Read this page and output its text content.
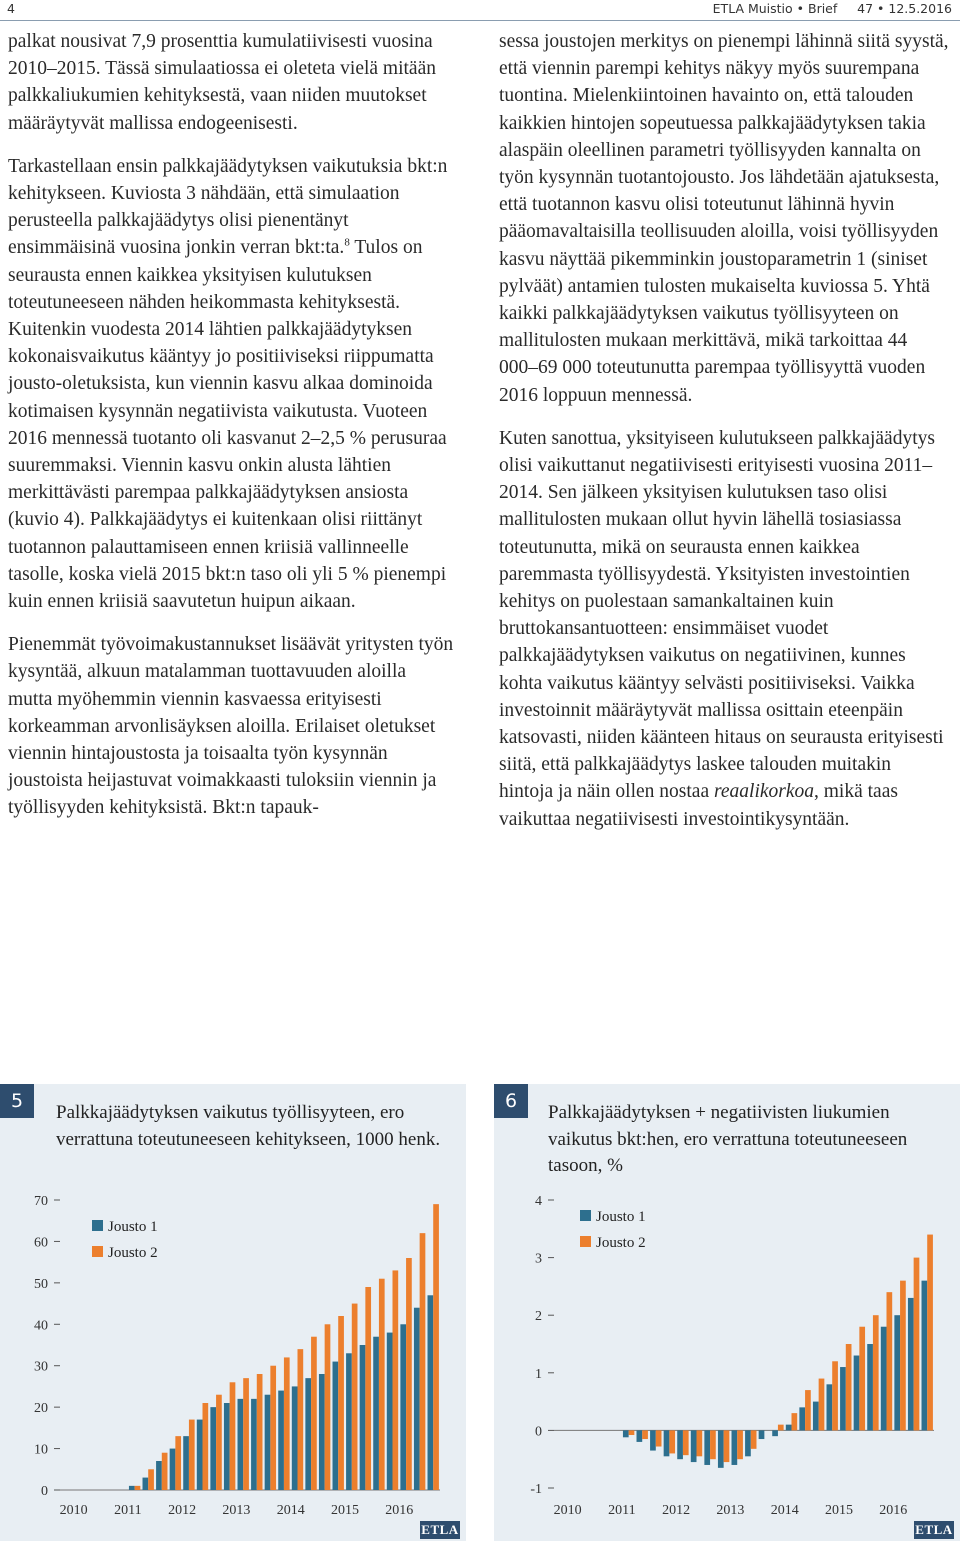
4	ETLA Muistio • Brief 47 • 12.5.2016

palkat nousivat 7,9 prosenttia kumulatiivisesti vuosina 2010–2015. Tässä simulaatiossa ei oleteta vielä mitään palkkaliukumien kehityksestä, vaan niiden muutokset määräytyvät mallissa endogeenisesti.

Tarkastellaan ensin palkkajäädytyksen vaikutuksia bkt:n kehitykseen. Kuviosta 3 nähdään, että simulaation perusteella palkkajäädytys olisi pienentänyt ensimmäisinä vuosina jonkin verran bkt:ta.$^8$ Tulos on seurausta ennen kaikkea yksityisen kulutuksen toteutuneeseen nähden heikommasta kehityksestä. Kuitenkin vuodesta 2014 lähtien palkkajäädytyksen kokonaisvaikutus kääntyy jo positiiviseksi riippumatta jousto-oletuksista, kun viennin kasvu alkaa dominoida kotimaisen kysynnän negatiivista vaikutusta. Vuoteen 2016 mennessä tuotanto oli kasvanut 2–2,5 % perusuraa suuremmaksi. Viennin kasvu onkin alusta lähtien merkittävästi parempaa palkkajäädytyksen ansiosta (kuvio 4). Palkkajäädytys ei kuitenkaan olisi riittänyt tuotannon palauttamiseen ennen kriisiä vallinneelle tasolle, koska vielä 2015 bkt:n taso oli yli 5 % pienempi kuin ennen kriisiä saavutetun huipun aikaan.

Pienemmät työvoimakustannukset lisäävät yritysten työn kysyntää, alkuun matalamman tuottavuuden aloilla mutta myöhemmin viennin kasvaessa erityisesti korkeamman arvonlisäyksen aloilla. Erilaiset oletukset viennin hintajoustosta ja toisaalta työn kysynnän joustoista heijastuvat voimakkaasti tuloksiin viennin ja työllisyyden kehityksistä. Bkt:n tapauk-

sessa joustojen merkitys on pienempi lähinnä siitä syystä, että viennin parempi kehitys näkyy myös suurempana tuontina. Mielenkiintoinen havainto on, että talouden kaikkien hintojen sopeutuessa palkkajäädytyksen takia alaspäin oleellinen parametri työllisyyden kannalta on työn kysynnän tuotantojousto. Jos lähdetään ajatuksesta, että tuotannon kasvu olisi toteutunut lähinnä hyvin pääomavaltaisilla teollisuuden aloilla, voisi työllisyyden kasvu näyttää pikemminkin joustoparametrin 1 (siniset pylväät) antamien tulosten mukaiselta kuviossa 5. Yhtä kaikki palkkajäädytyksen vaikutus työllisyyteen on mallitulosten mukaan merkittävä, mikä tarkoittaa 44 000–69 000 toteutunutta parempaa työllisyyttä vuoden 2016 loppuun mennessä.

Kuten sanottua, yksityiseen kulutukseen palkkajäädytys olisi vaikuttanut negatiivisesti erityisesti vuosina 2011–2014. Sen jälkeen yksityisen kulutuksen taso olisi mallitulosten mukaan ollut hyvin lähellä tosiasiassa toteutunutta, mikä on seurausta ennen kaikkea paremmasta työllisyydestä. Yksityisten investointien kehitys on puolestaan samankaltainen kuin bruttokansantuotteen: ensimmäiset vuodet palkkajäädytyksen vaikutus on negatiivinen, kunnes kohta vaikutus kääntyy selvästi positiiviseksi. Vaikka investoinnit määräytyvät mallissa osittain eteenpäin katsovasti, niiden käänteen hitaus on seurausta erityisesti siitä, että palkkajäädytys laskee talouden muitakin hintoja ja näin ollen nostaa reaalikorkoa, mikä taas vaikuttaa negatiivisesti investointikysyntään.

5
Palkkajäädytyksen vaikutus työllisyyteen, ero verrattuna toteutuneeseen kehitykseen, 1000 henk.
0
10
20
30
40
50
60
70
2010 2011 2012 2013 2014 2015 2016
Jousto 1
Jousto 2
ETLA
6
Palkkajäädytyksen + negatiivisten liukumien vaikutus bkt:hen, ero verrattuna toteutuneeseen tasoon, %
-1
0
1
2
3
4
2010 2011 2012 2013 2014 2015 2016
Jousto 1
Jousto 2
ETLA
